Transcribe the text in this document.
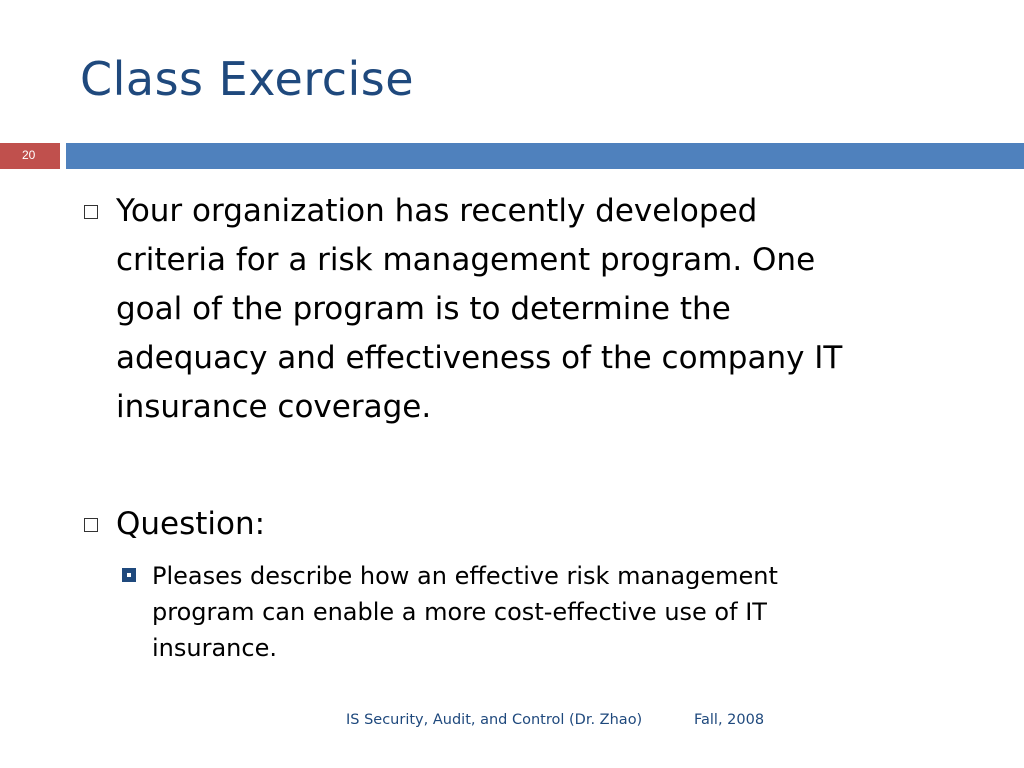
Class Exercise
20
Your organization has recently developed
criteria for a risk management program. One
goal of the program is to determine the
adequacy and effectiveness of the company IT
insurance coverage.
Question:
Pleases describe how an effective risk management
program can enable a more cost-effective use of IT
insurance.
IS Security, Audit, and Control (Dr. Zhao)	Fall, 2008
